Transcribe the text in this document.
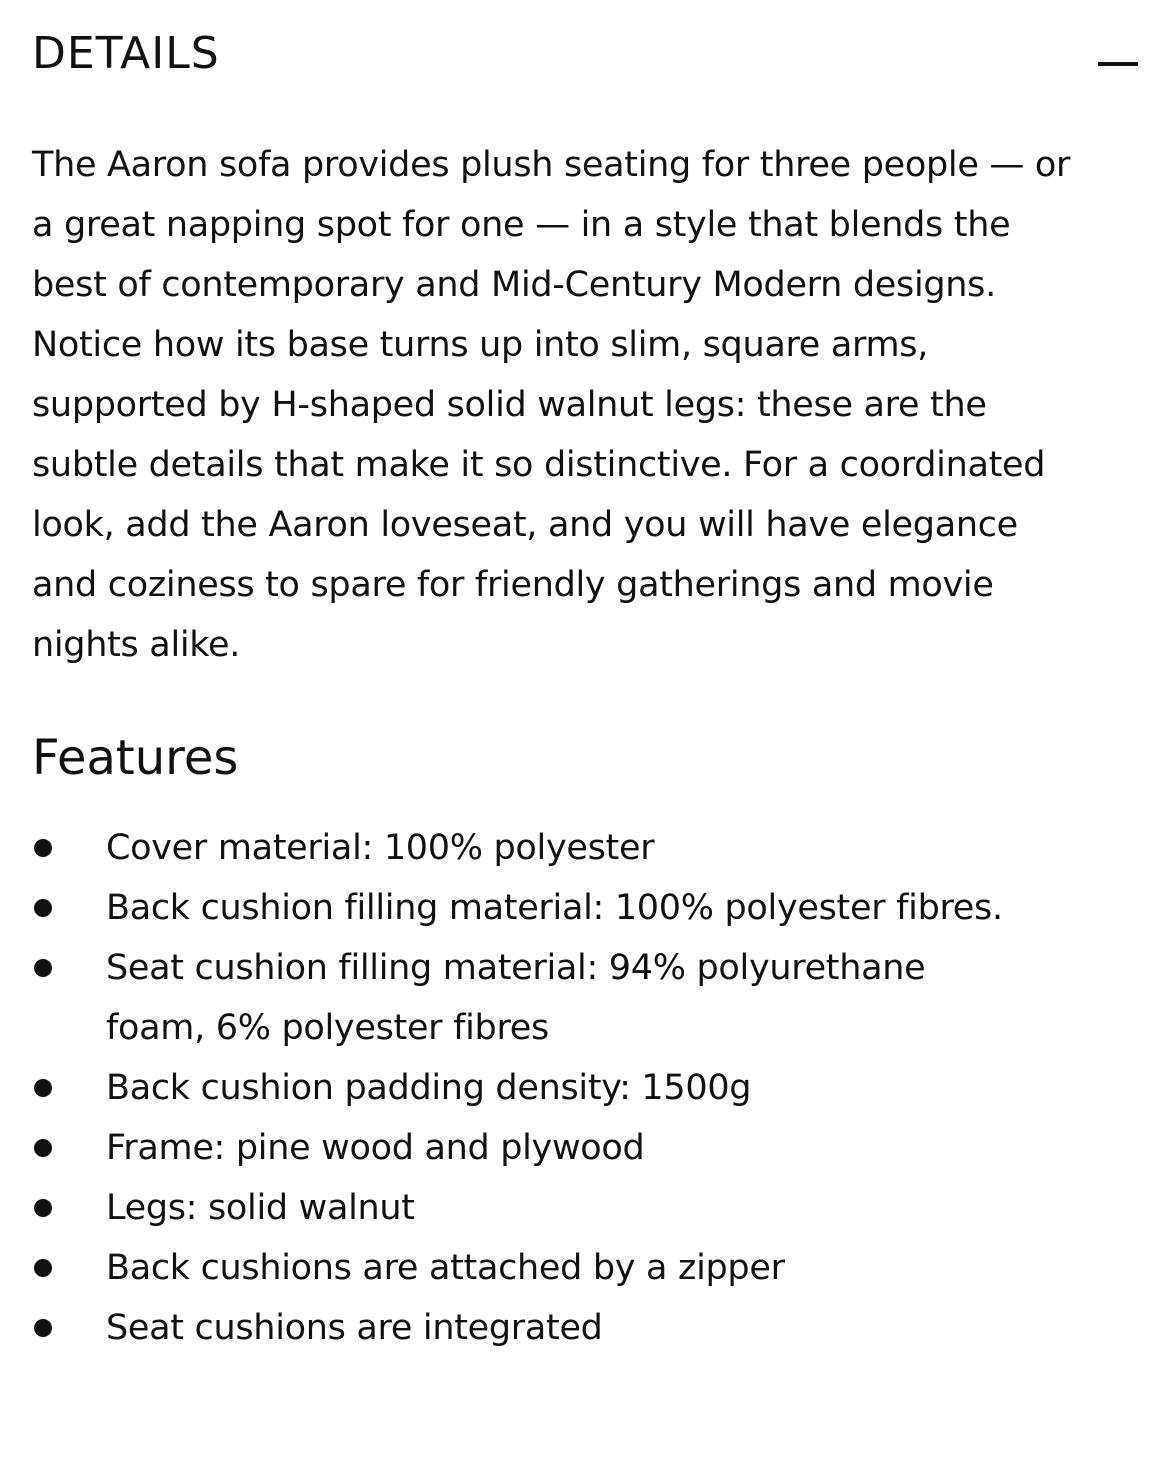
DETAILS

The Aaron sofa provides plush seating for three people — or a great napping spot for one — in a style that blends the best of contemporary and Mid-Century Modern designs. Notice how its base turns up into slim, square arms, supported by H-shaped solid walnut legs: these are the subtle details that make it so distinctive. For a coordinated look, add the Aaron loveseat, and you will have elegance and coziness to spare for friendly gatherings and movie nights alike.

Features
Cover material: 100% polyester
Back cushion filling material: 100% polyester fibres.
Seat cushion filling material: 94% polyurethane foam, 6% polyester fibres
Back cushion padding density: 1500g
Frame: pine wood and plywood
Legs: solid walnut
Back cushions are attached by a zipper
Seat cushions are integrated
